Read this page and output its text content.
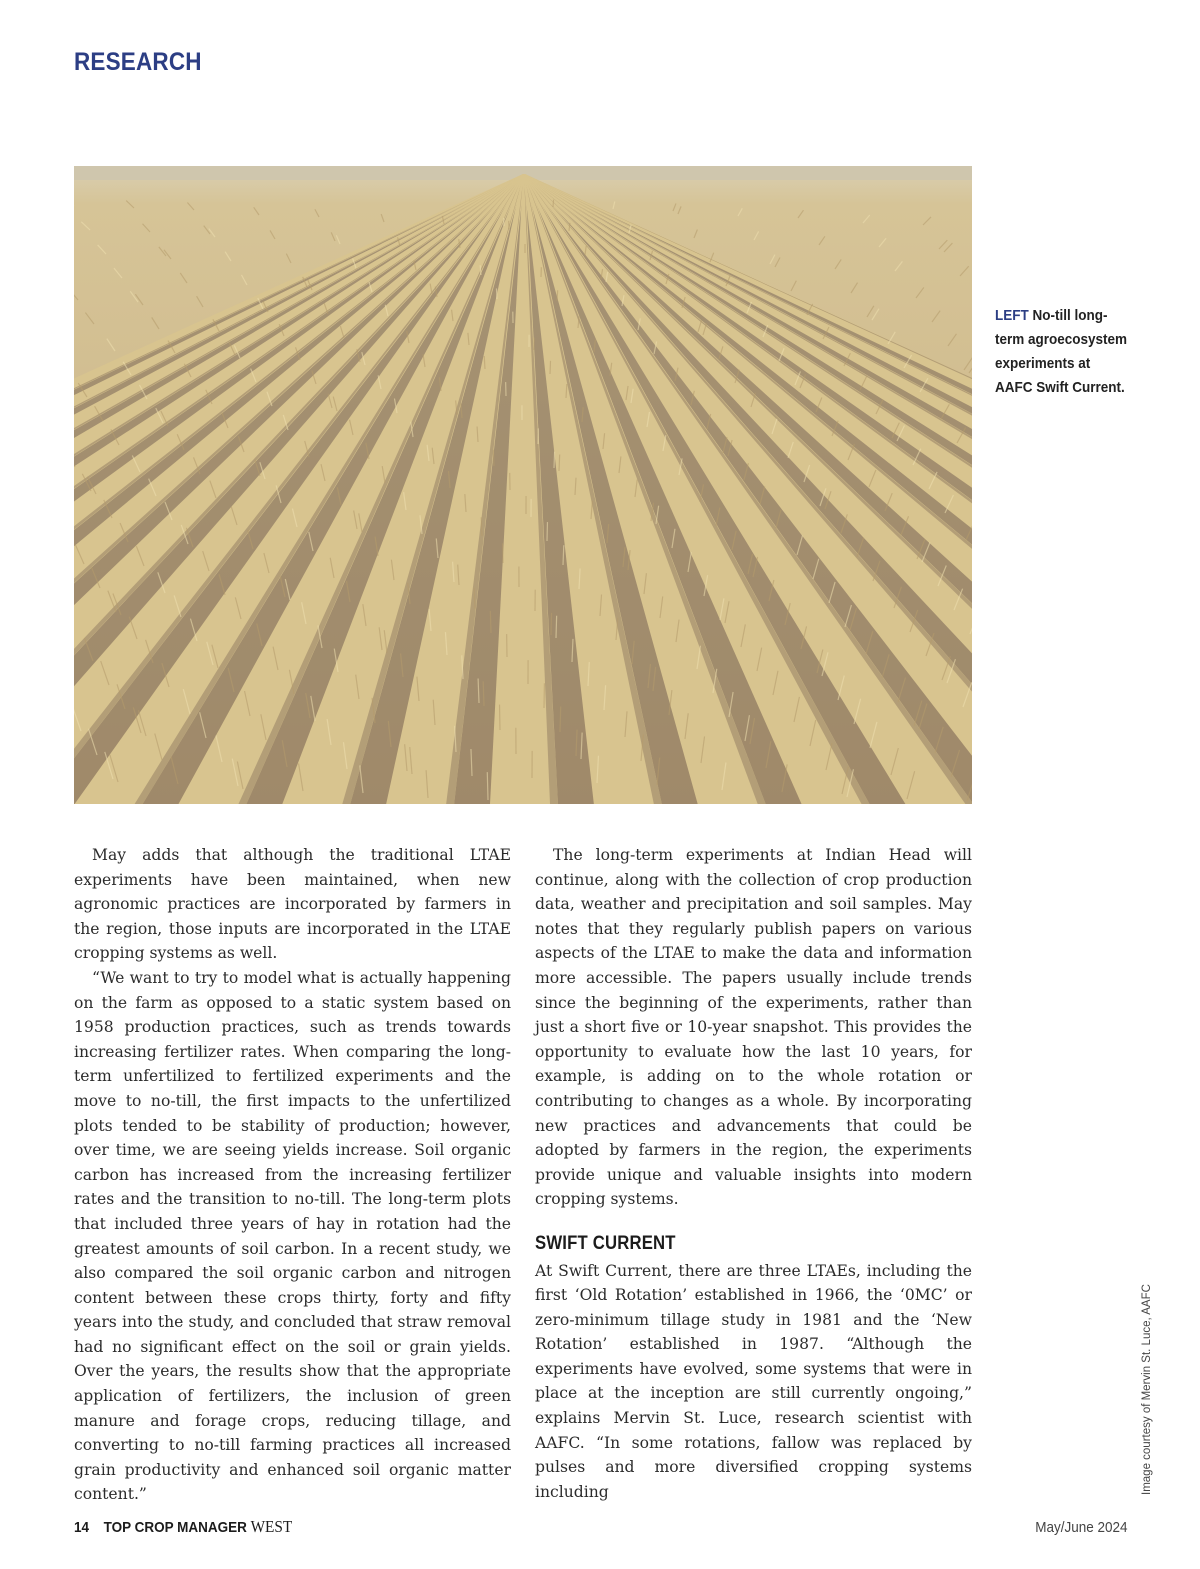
RESEARCH
LEFT No-till long-term agroecosystem experiments at AAFC Swift Current.
Image courtesy of Mervin St. Luce, AAFC

May adds that although the traditional LTAE experiments have been maintained, when new agronomic practices are incorporated by farmers in the region, those inputs are incorporated in the LTAE cropping systems as well.

“We want to try to model what is actually happening on the farm as opposed to a static system based on 1958 production practices, such as trends towards increasing fertilizer rates. When comparing the long-term unfertilized to fertilized experiments and the move to no-till, the first impacts to the unfertilized plots tended to be stability of production; however, over time, we are seeing yields increase. Soil organic carbon has increased from the increasing fertilizer rates and the transition to no-till. The long-term plots that included three years of hay in rotation had the greatest amounts of soil carbon. In a recent study, we also compared the soil organic carbon and nitrogen content between these crops thirty, forty and fifty years into the study, and concluded that straw removal had no significant effect on the soil or grain yields. Over the years, the results show that the appropriate application of fertilizers, the inclusion of green manure and forage crops, reducing tillage, and converting to no-till farming practices all increased grain productivity and enhanced soil organic matter content.”

The long-term experiments at Indian Head will continue, along with the collection of crop production data, weather and precipitation and soil samples. May notes that they regularly publish papers on various aspects of the LTAE to make the data and information more accessible. The papers usually include trends since the beginning of the experiments, rather than just a short five or 10-year snapshot. This provides the opportunity to evaluate how the last 10 years, for example, is adding on to the whole rotation or contributing to changes as a whole. By incorporating new practices and advancements that could be adopted by farmers in the region, the experiments provide unique and valuable insights into modern cropping systems.

SWIFT CURRENT

At Swift Current, there are three LTAEs, including the first ‘Old Rotation’ established in 1966, the ‘0MC’ or zero-minimum tillage study in 1981 and the ‘New Rotation’ established in 1987. “Although the experiments have evolved, some systems that were in place at the inception are still currently ongoing,” explains Mervin St. Luce, research scientist with AAFC. “In some rotations, fallow was replaced by pulses and more diversified cropping systems including

14 TOP CROP MANAGER WEST	May/June 2024
